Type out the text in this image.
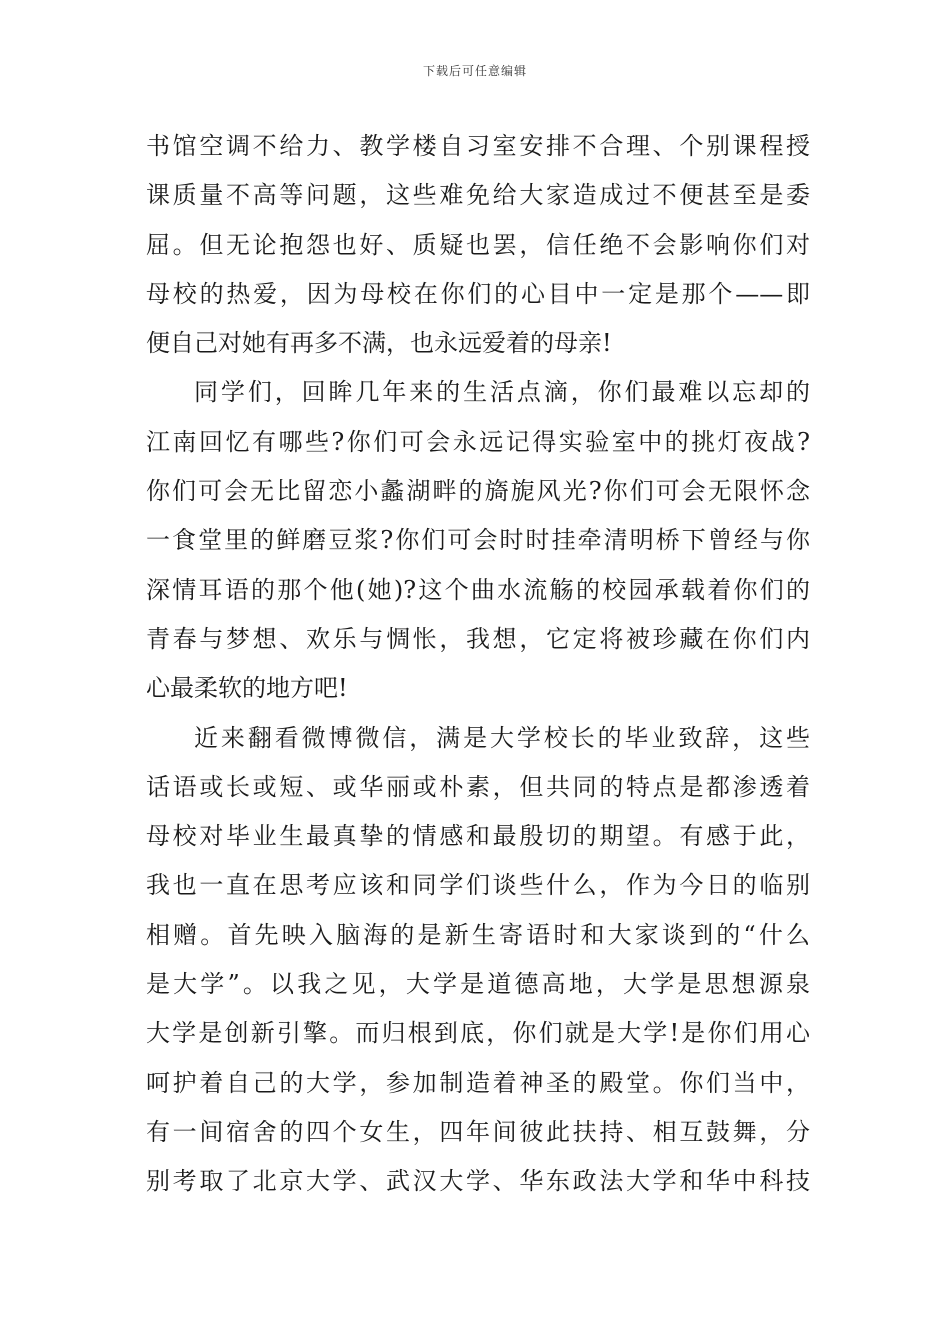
下载后可任意编辑
书馆空调不给力、教学楼自习室安排不合理、个别课程授
课质量不高等问题，这些难免给大家造成过不便甚至是委
屈。但无论抱怨也好、质疑也罢，信任绝不会影响你们对
母校的热爱，因为母校在你们的心目中一定是那个——即
便自己对她有再多不满，也永远爱着的母亲!
同学们，回眸几年来的生活点滴，你们最难以忘却的
江南回忆有哪些?你们可会永远记得实验室中的挑灯夜战?
你们可会无比留恋小蠡湖畔的旖旎风光?你们可会无限怀念
一食堂里的鲜磨豆浆?你们可会时时挂牵清明桥下曾经与你
深情耳语的那个他(她)?这个曲水流觞的校园承载着你们的
青春与梦想、欢乐与惆怅，我想，它定将被珍藏在你们内
心最柔软的地方吧!
近来翻看微博微信，满是大学校长的毕业致辞，这些
话语或长或短、或华丽或朴素，但共同的特点是都渗透着
母校对毕业生最真挚的情感和最殷切的期望。有感于此，
我也一直在思考应该和同学们谈些什么，作为今日的临别
相赠。首先映入脑海的是新生寄语时和大家谈到的“什么
是大学”。以我之见，大学是道德高地，大学是思想源泉
大学是创新引擎。而归根到底，你们就是大学!是你们用心
呵护着自己的大学，参加制造着神圣的殿堂。你们当中，
有一间宿舍的四个女生，四年间彼此扶持、相互鼓舞，分
别考取了北京大学、武汉大学、华东政法大学和华中科技
